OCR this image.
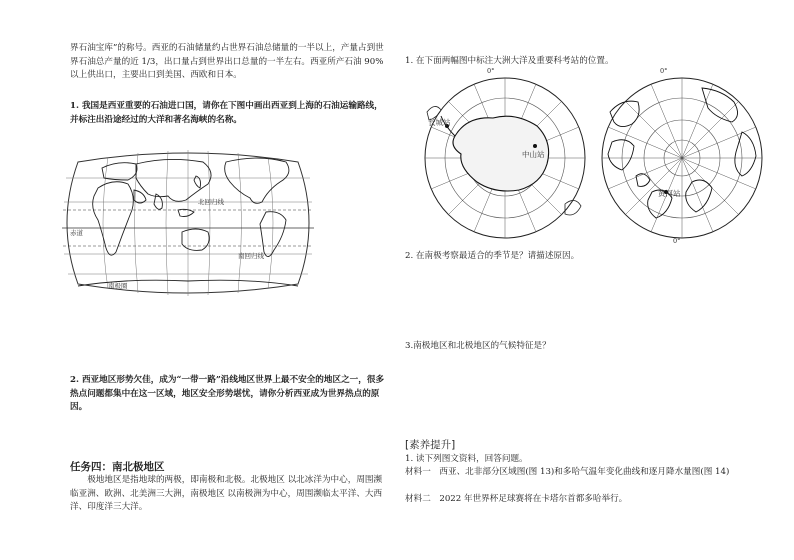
界石油宝库”的称号。西亚的石油储量约占世界石油总储量的一半以上，产量占到世界石油总产量的近 1/3，出口量占到世界出口总量的一半左右。西亚所产石油 90%以上供出口，主要出口到美国、西欧和日本。
1. 我国是西亚重要的石油进口国，请你在下图中画出西亚到上海的石油运输路线，并标注出沿途经过的大洋和著名海峡的名称。
北回归线
赤道
南回归线
南极圈
2. 西亚地区形势欠佳，成为“一带一路”沿线地区世界上最不安全的地区之一，很多热点问题都集中在这一区域，地区安全形势堪忧，请你分析西亚成为世界热点的原因。
任务四：南北极地区
极地地区是指地球的两极，即南极和北极。北极地区 以北冰洋为中心，周围濒临亚洲、欧洲、北美洲三大洲，南极地区 以南极洲为中心，周围濒临太平洋、大西洋、印度洋三大洋。
1. 在下面两幅图中标注大洲大洋及重要科考站的位置。
0°
长城站
中山站
0°
黄河站
0°
2. 在南极考察最适合的季节是？请描述原因。
3.南极地区和北极地区的气候特征是？
[素养提升]
1. 读下列图文资料，回答问题。
材料一　西亚、北非部分区域图(图 13)和多哈气温年变化曲线和逐月降水量图(图 14)
材料二　2022 年世界杯足球赛将在卡塔尔首都多哈举行。
